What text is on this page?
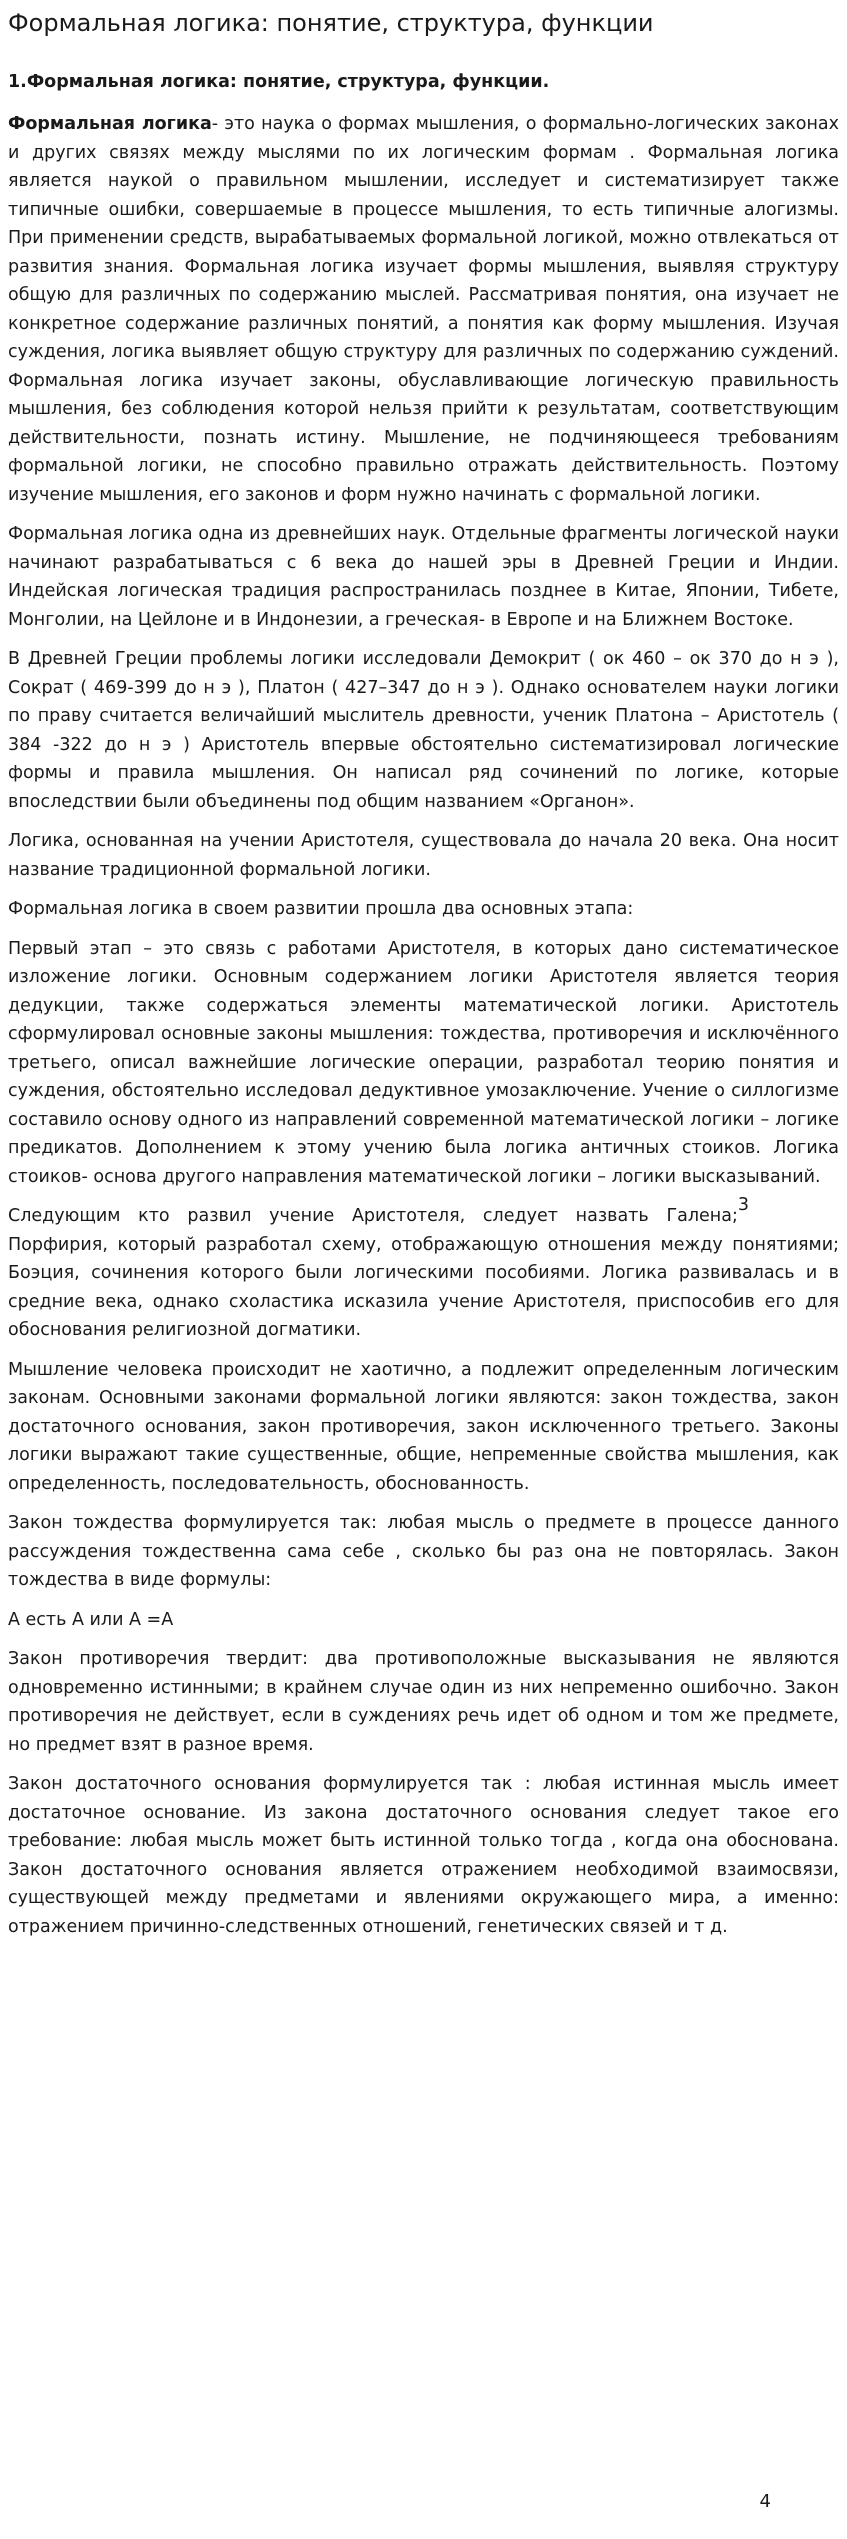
Формальная логика: понятие, структура, функции
1.Формальная логика: понятие, структура, функции.

Формальная логика- это наука о формах мышления, о формально-логических законах и других связях между мыслями по их логическим формам . Формальная логика является наукой о правильном мышлении, исследует и систематизирует также типичные ошибки, совершаемые в процессе мышления, то есть типичные алогизмы. При применении средств, вырабатываемых формальной логикой, можно отвлекаться от развития знания. Формальная логика изучает формы мышления, выявляя структуру общую для различных по содержанию мыслей. Рассматривая понятия, она изучает не конкретное содержание различных понятий, а понятия как форму мышления. Изучая суждения, логика выявляет общую структуру для различных по содержанию суждений. Формальная логика изучает законы, обуславливающие логическую правильность мышления, без соблюдения которой нельзя прийти к результатам, соответствующим действительности, познать истину. Мышление, не подчиняющееся требованиям формальной логики, не способно правильно отражать действительность. Поэтому изучение мышления, его законов и форм нужно начинать с формальной логики.

Формальная логика одна из древнейших наук. Отдельные фрагменты логической науки начинают разрабатываться с 6 века до нашей эры в Древней Греции и Индии. Индейская логическая традиция распространилась позднее в Китае, Японии, Тибете, Монголии, на Цейлоне и в Индонезии, а греческая- в Европе и на Ближнем Востоке.

В Древней Греции проблемы логики исследовали Демокрит ( ок 460 – ок 370 до н э ), Сократ ( 469-399 до н э ), Платон ( 427–347 до н э ). Однако основателем науки логики по праву считается величайший мыслитель древности, ученик Платона – Аристотель ( 384 -322 до н э ) Аристотель впервые обстоятельно систематизировал логические формы и правила мышления. Он написал ряд сочинений по логике, которые впоследствии были объединены под общим названием «Органон».

Логика, основанная на учении Аристотеля, существовала до начала 20 века. Она носит название традиционной формальной логики.

Формальная логика в своем развитии прошла два основных этапа:

Первый этап – это связь с работами Аристотеля, в которых дано систематическое изложение логики. Основным содержанием логики Аристотеля является теория дедукции, также содержаться элементы математической логики. Аристотель сформулировал основные законы мышления: тождества, противоречия и исключённого третьего, описал важнейшие логические операции, разработал теорию понятия и суждения, обстоятельно исследовал дедуктивное умозаключение. Учение о силлогизме составило основу одного из направлений современной математической логики – логике предикатов. Дополнением к этому учению была логика античных стоиков. Логика стоиков- основа другого направления математической логики – логики высказываний.
3

Следующим кто развил учение Аристотеля, следует назвать Галена; Порфирия, который разработал схему, отображающую отношения между понятиями; Боэция, сочинения которого были логическими пособиями. Логика развивалась и в средние века, однако схоластика исказила учение Аристотеля, приспособив его для обоснования религиозной догматики.

Мышление человека происходит не хаотично, а подлежит определенным логическим законам. Основными законами формальной логики являются: закон тождества, закон достаточного основания, закон противоречия, закон исключенного третьего. Законы логики выражают такие существенные, общие, непременные свойства мышления, как определенность, последовательность, обоснованность.

Закон тождества формулируется так: любая мысль о предмете в процессе данного рассуждения тождественна сама себе , сколько бы раз она не повторялась. Закон тождества в виде формулы:

А есть А или А =А

Закон противоречия твердит: два противоположные высказывания не являются одновременно истинными; в крайнем случае один из них непременно ошибочно. Закон противоречия не действует, если в суждениях речь идет об одном и том же предмете, но предмет взят в разное время.

Закон достаточного основания формулируется так : любая истинная мысль имеет достаточное основание. Из закона достаточного основания следует такое его требование: любая мысль может быть истинной только тогда , когда она обоснована. Закон достаточного основания является отражением необходимой взаимосвязи, существующей между предметами и явлениями окружающего мира, а именно: отражением причинно-следственных отношений, генетических связей и т д.

4
